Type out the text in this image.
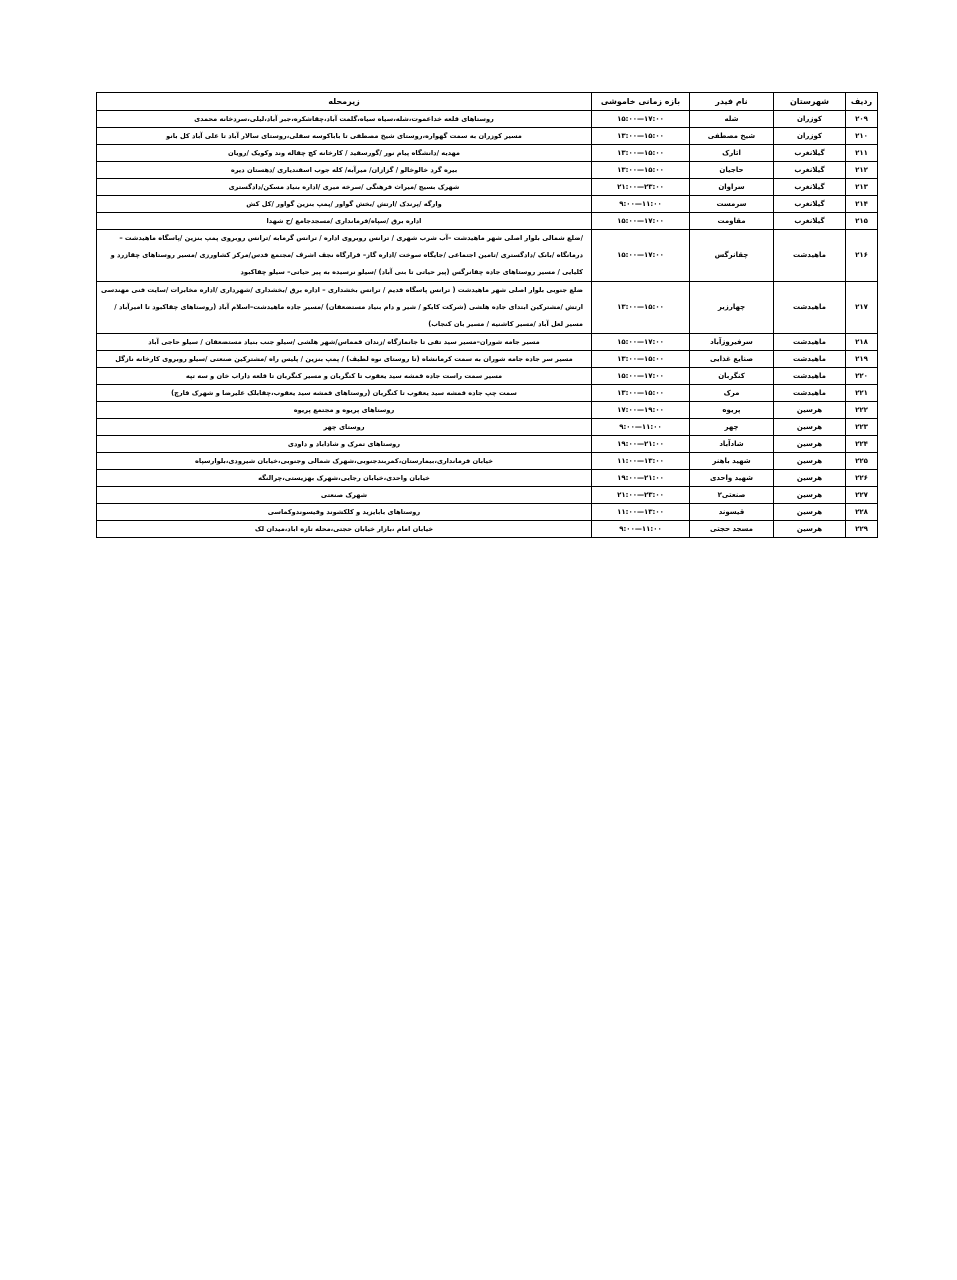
ردیف	شهرستان	نام فیدر	بازه زمانی خاموشی	زیرمحله
۲۰۹	کوزران	شله	۱۵:۰۰—۱۷:۰۰	روستاهای قلعه خداعموت،شله،سیاه سیاه،گلمت آباد،چقاشکره،جبر آباد،لیلی،سردخانه محمدی
۲۱۰	کوزران	شیخ مصطفی	۱۳:۰۰—۱۵:۰۰	مسیر کوزران به سمت گهواره،روستای شیخ مصطفی تا باباکوسه سفلی،روستای سالار آباد تا علی آباد کل بانو
۲۱۱	گیلانغرب	اتارک	۱۳:۰۰—۱۵:۰۰	مهدیه /دانشگاه پیام نور /گورسفید / کارخانه کچ چقاله وند وکویک /رویان
۲۱۲	گیلانغرب	حاجیان	۱۳:۰۰—۱۵:۰۰	بیره گرد خالوخالو / گزازان/ میرآبه/ کله جوب اسفندیاری /دهستان دیره
۲۱۳	گیلانغرب	سراوان	۲۱:۰۰—۲۳:۰۰	شهرک بسیج /میراث فرهنگی /سرخه میری /اداره بنیاد مسکن/دادگستری
۲۱۴	گیلانغرب	سرمست	۹:۰۰—۱۱:۰۰	وارگه /پرندک /ارتش /بخش گواور /پمپ بنزین گواور /کل کش
۲۱۵	گیلانغرب	مقاومت	۱۵:۰۰—۱۷:۰۰	اداره برق /سپاه/فرمانداری /مسجدجامع /ح شهدا
۲۱۶	ماهیدشت	چقانرگس	۱۵:۰۰—۱۷:۰۰	/ضلع شمالی بلوار اصلی شهر ماهیدشت –آب شرب شهری / ترانس روبروی اداره / ترانس گرمابه /ترانس روبروی پمپ بنزین /پاسگاه ماهیدشت – درمانگاه /بانک /دادگستری /تامین اجتماعی /جایگاه سوخت /اداره گاز– قرارگاه نجف اشرف /مجتمع قدس/مرکز کشاورزی /مسیر روستاهای چقازرد و کلیایی / مسیر روستاهای جاده چقانرگس (پیر حیاتی تا بنی آباد) /سیلو نرسیده به پیر حیاتی– سیلو چقاکبود
۲۱۷	ماهیدشت	چهارزبر	۱۳:۰۰—۱۵:۰۰	ضلع جنوبی بلوار اصلی شهر ماهیدشت ( ترانس پاسگاه قدیم / ترانس بخشداری – اداره برق /بخشداری /شهرداری /اداره مخابرات /سایت فنی مهندسی ارتش /مشترکین ابتدای جاده هلشی (شرکت کایکو / شیر و دام بنیاد مستضعفان) /مسیر جاده ماهیدشت–اسلام آباد (روستاهای چقاکبود تا امیرآباد / مسیر لعل آباد /مسیر کاشنیه / مسیر بان کنجاب)
۲۱۸	ماهیدشت	سرفیروزآباد	۱۵:۰۰—۱۷:۰۰	مسیر جامه شوران–مسیر سید تقی تا جانمازگاه /زندان قمماس/شهر هلشی /سیلو جنب بنیاد مستضعفان / سیلو حاجی آباد
۲۱۹	ماهیدشت	صنایع غذایی	۱۳:۰۰—۱۵:۰۰	مسیر سر جاده جامه شوران به سمت کرمانشاه (تا روستای نوه لطیف) / پمپ بنزین / پلیس راه /مشترکین صنعتی /سیلو روبروی کارخانه نازگل
۲۲۰	ماهیدشت	کنگربان	۱۵:۰۰—۱۷:۰۰	مسیر سمت راست جاده قمشه سید یعقوب تا کنگربان و مسیر کنگربان تا قلعه داراب خان و سه تپه
۲۲۱	ماهیدشت	مرک	۱۳:۰۰—۱۵:۰۰	سمت چپ جاده قمشه سید یعقوب تا کنگربان (روستاهای قمشه سید یعقوب،چقابلک علیرضا و شهرک قارچ)
۲۲۲	هرسین	پریوه	۱۷:۰۰—۱۹:۰۰	روستاهای پریوه و مجتمع پریوه
۲۲۳	هرسین	چهر	۹:۰۰—۱۱:۰۰	روستای چهر
۲۲۴	هرسین	شادآباد	۱۹:۰۰—۲۱:۰۰	روستاهای تمرک و شاداباد و داودی
۲۲۵	هرسین	شهید باهنر	۱۱:۰۰—۱۳:۰۰	خیابان فرمانداری،بیمارستان،کمربندجنوبی،شهرک شمالی وجنوبی،خیابان شیرودی،بلوارسپاه
۲۲۶	هرسین	شهید واحدی	۱۹:۰۰—۲۱:۰۰	خیابان واحدی،خیابان رجایی،شهرک بهزیستی،چرالنگه
۲۲۷	هرسین	صنعتی۲	۲۱:۰۰—۲۳:۰۰	شهرک صنعتی
۲۲۸	هرسین	قیسوند	۱۱:۰۰—۱۳:۰۰	روستاهای بابایزید و کلکشوند وقیسوندوکماسی
۲۲۹	هرسین	مسجد حجتی	۹:۰۰—۱۱:۰۰	خیابان امام ،بازار خیابان حجتی،محله تازه اباد،میدان لک
